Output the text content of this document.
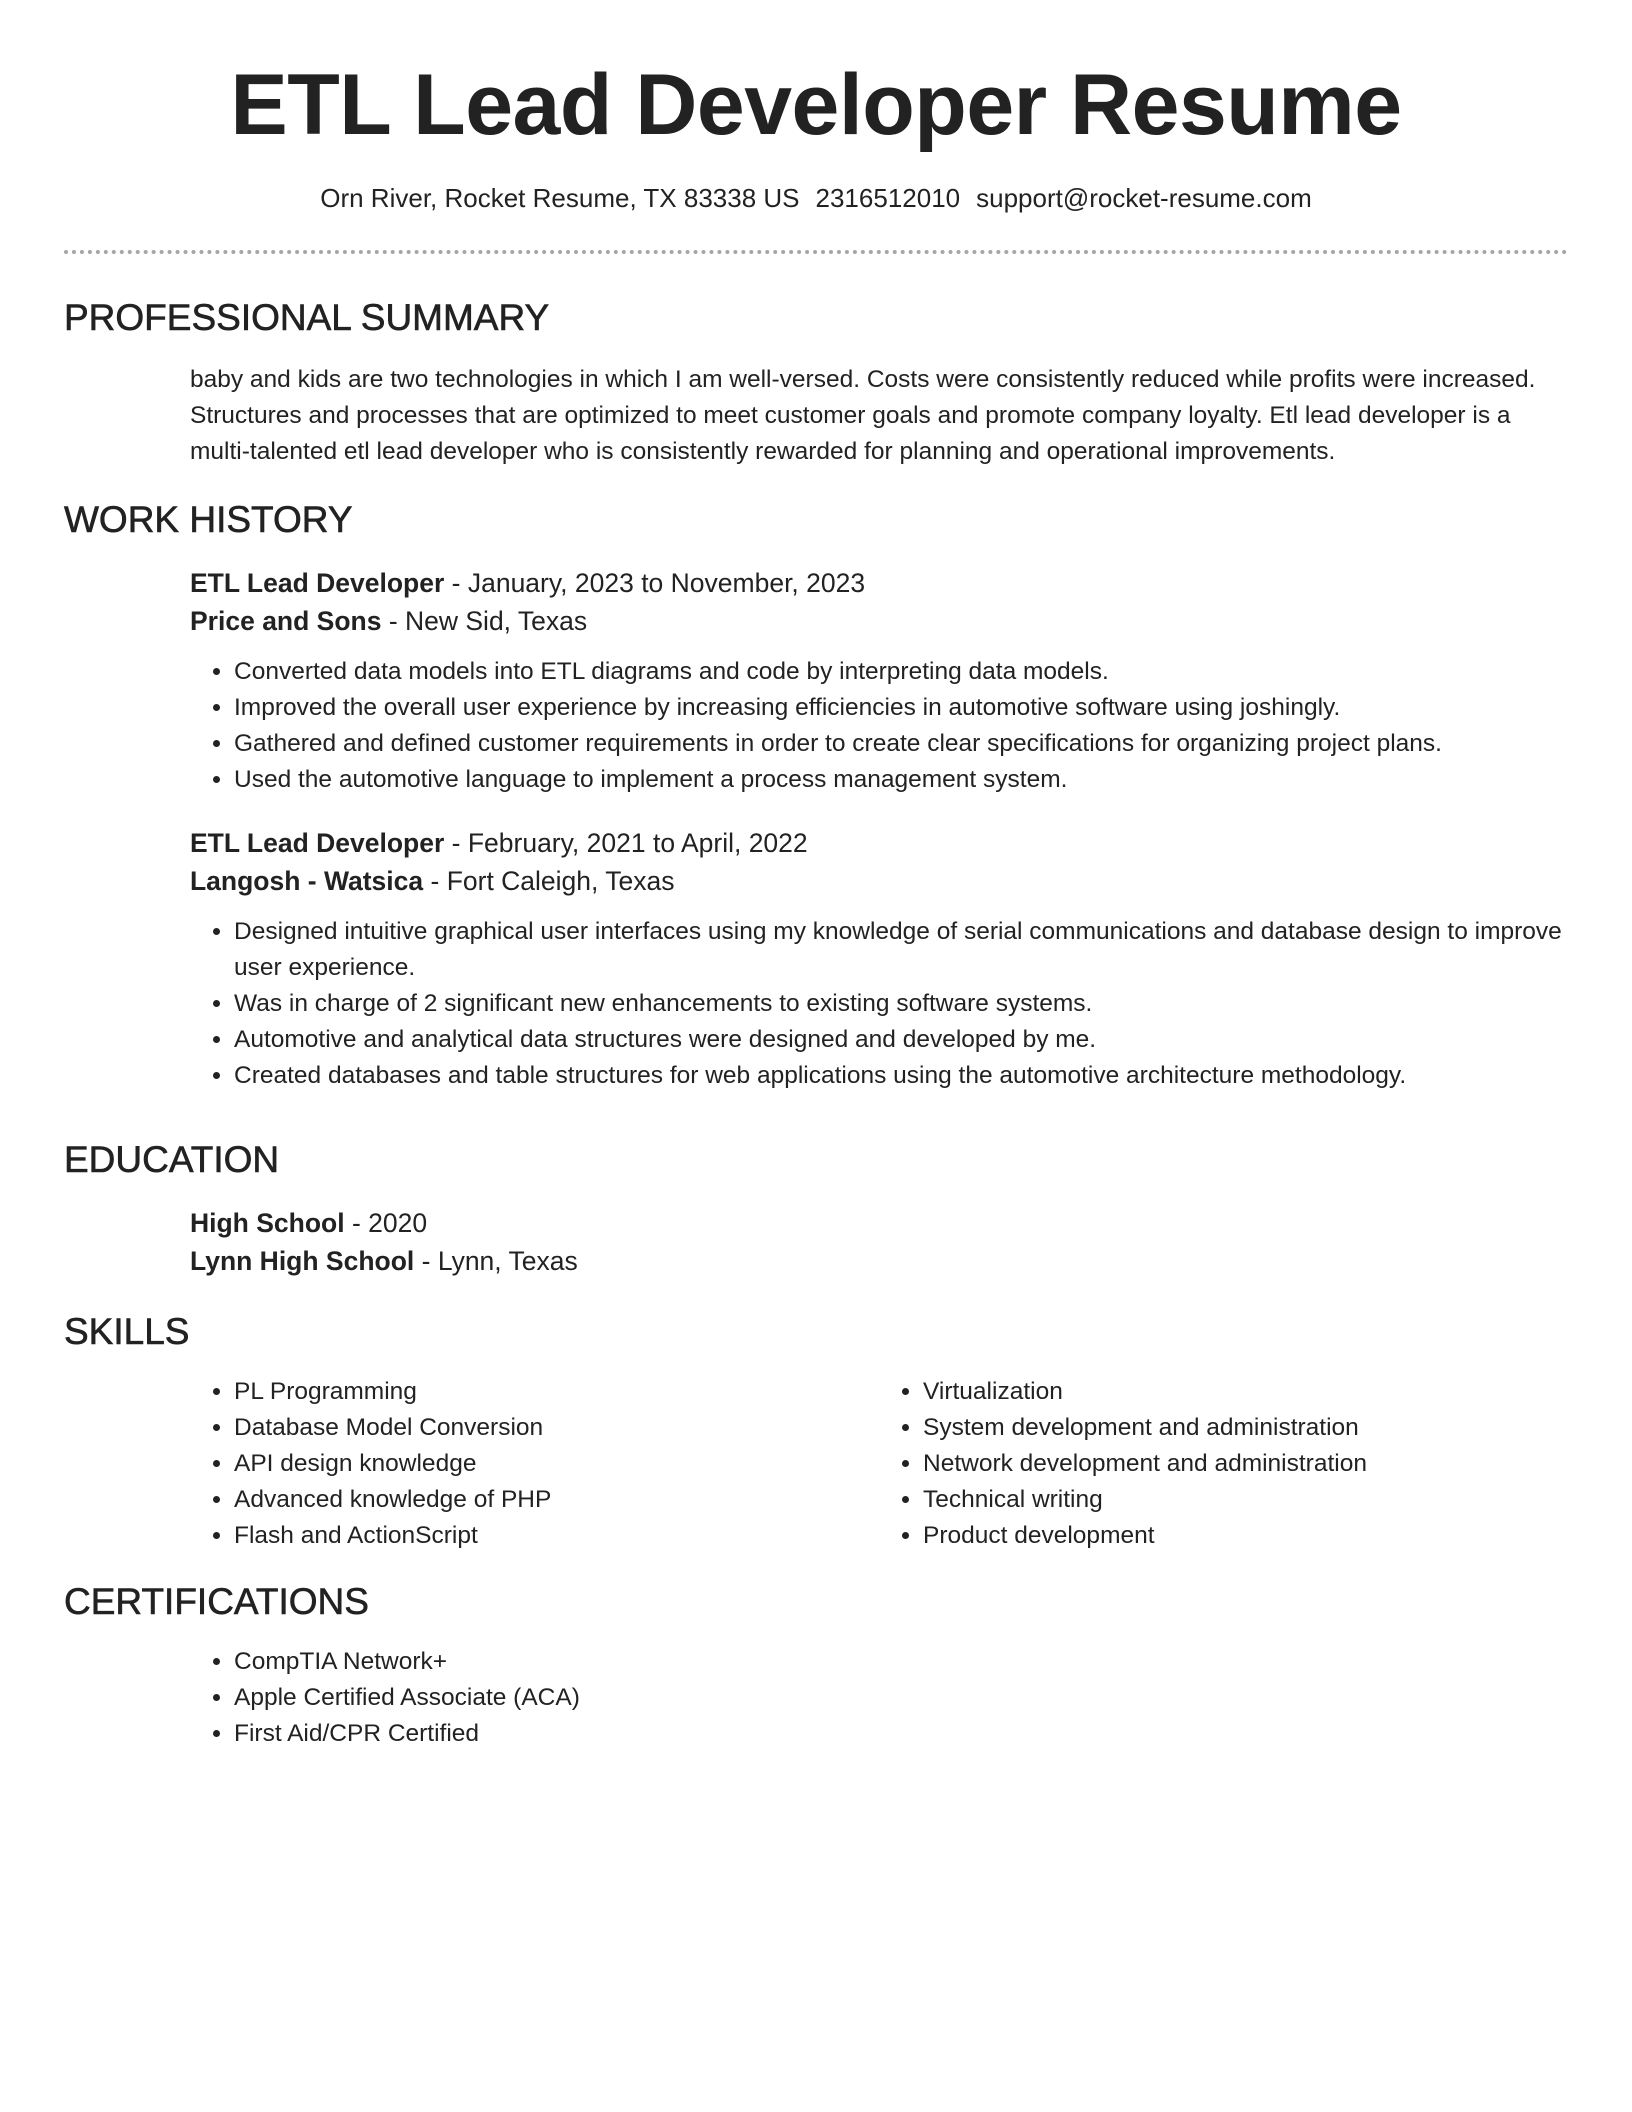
ETL Lead Developer Resume
Orn River, Rocket Resume, TX 83338 US 2316512010 support@rocket-resume.com
PROFESSIONAL SUMMARY

baby and kids are two technologies in which I am well-versed. Costs were consistently reduced while profits were increased. Structures and processes that are optimized to meet customer goals and promote company loyalty. Etl lead developer is a multi-talented etl lead developer who is consistently rewarded for planning and operational improvements.

WORK HISTORY
ETL Lead Developer - January, 2023 to November, 2023
Price and Sons - New Sid, Texas
• Converted data models into ETL diagrams and code by interpreting data models.
• Improved the overall user experience by increasing efficiencies in automotive software using joshingly.
• Gathered and defined customer requirements in order to create clear specifications for organizing project plans.
• Used the automotive language to implement a process management system.
ETL Lead Developer - February, 2021 to April, 2022
Langosh - Watsica - Fort Caleigh, Texas
• Designed intuitive graphical user interfaces using my knowledge of serial communications and database design to improve user experience.
• Was in charge of 2 significant new enhancements to existing software systems.
• Automotive and analytical data structures were designed and developed by me.
• Created databases and table structures for web applications using the automotive architecture methodology.
EDUCATION
High School - 2020
Lynn High School - Lynn, Texas
SKILLS
• PL Programming
• Database Model Conversion
• API design knowledge
• Advanced knowledge of PHP
• Flash and ActionScript
• Virtualization
• System development and administration
• Network development and administration
• Technical writing
• Product development
CERTIFICATIONS
• CompTIA Network+
• Apple Certified Associate (ACA)
• First Aid/CPR Certified
